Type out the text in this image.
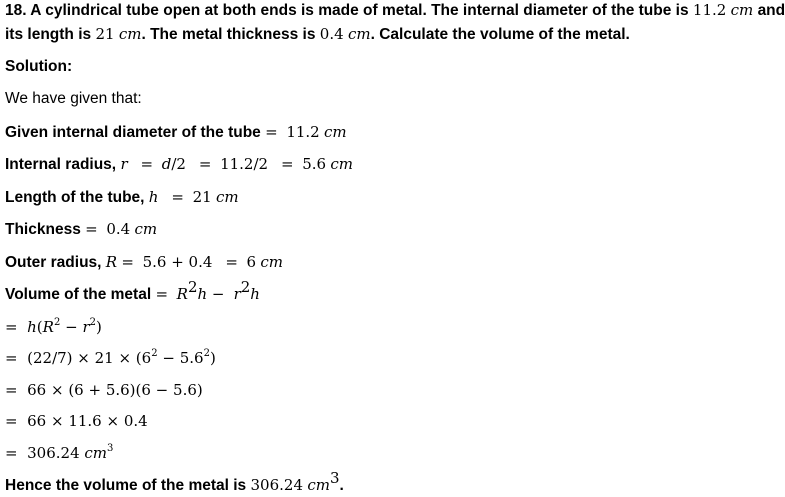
18. A cylindrical tube open at both ends is made of metal. The internal diameter of the tube is 11.2 cm and
its length is 21 cm. The metal thickness is 0.4 cm. Calculate the volume of the metal.
Solution:
We have given that:
Given internal diameter of the tube = 11.2 cm
Internal radius, r = d/2 = 11.2/2 = 5.6 cm
Length of the tube, h = 21 cm
Thickness = 0.4 cm
Outer radius, R = 5.6 + 0.4 = 6 cm
Volume of the metal = $R^2h - r^2h$
= $h(R^2 - r^2)$
= $(22/7) \times 21 \times (6^2 - 5.6^2)$
= 66 × (6 + 5.6)(6 − 5.6)
= 66 × 11.6 × 0.4
= 306.24 $cm^3$
Hence the volume of the metal is 306.24 $cm^3$.
